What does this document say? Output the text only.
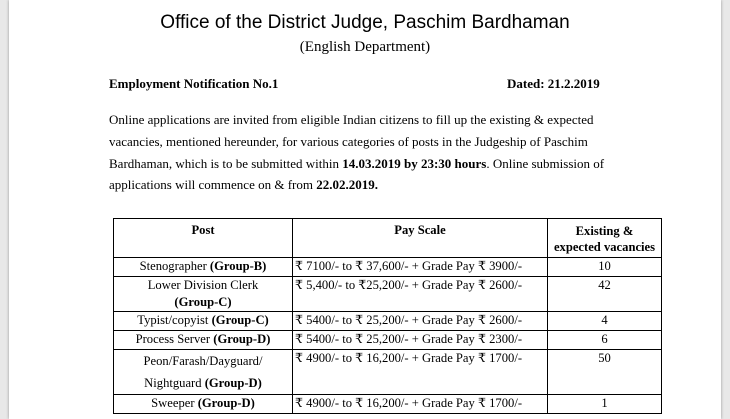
Office of the District Judge, Paschim Bardhaman
(English Department)
Employment Notification No.1	Dated: 21.2.2019
Online applications are invited from eligible Indian citizens to fill up the existing & expected
vacancies, mentioned hereunder, for various categories of posts in the Judgeship of Paschim
Bardhaman, which is to be submitted within 14.03.2019 by 23:30 hours. Online submission of
applications will commence on & from 22.02.2019.
Post	Pay Scale	Existing &
expected vacancies
Stenographer (Group-B)	₹ 7100/- to ₹ 37,600/- + Grade Pay ₹ 3900/-	10
Lower Division Clerk
(Group-C)	₹ 5,400/- to ₹25,200/- + Grade Pay ₹ 2600/-	42
Typist/copyist (Group-C)	₹ 5400/- to ₹ 25,200/- + Grade Pay ₹ 2600/-	4
Process Server (Group-D)	₹ 5400/- to ₹ 25,200/- + Grade Pay ₹ 2300/-	6
Peon/Farash/Dayguard/
Nightguard (Group-D)	₹ 4900/- to ₹ 16,200/- + Grade Pay ₹ 1700/-	50
Sweeper (Group-D)	₹ 4900/- to ₹ 16,200/- + Grade Pay ₹ 1700/-	1
